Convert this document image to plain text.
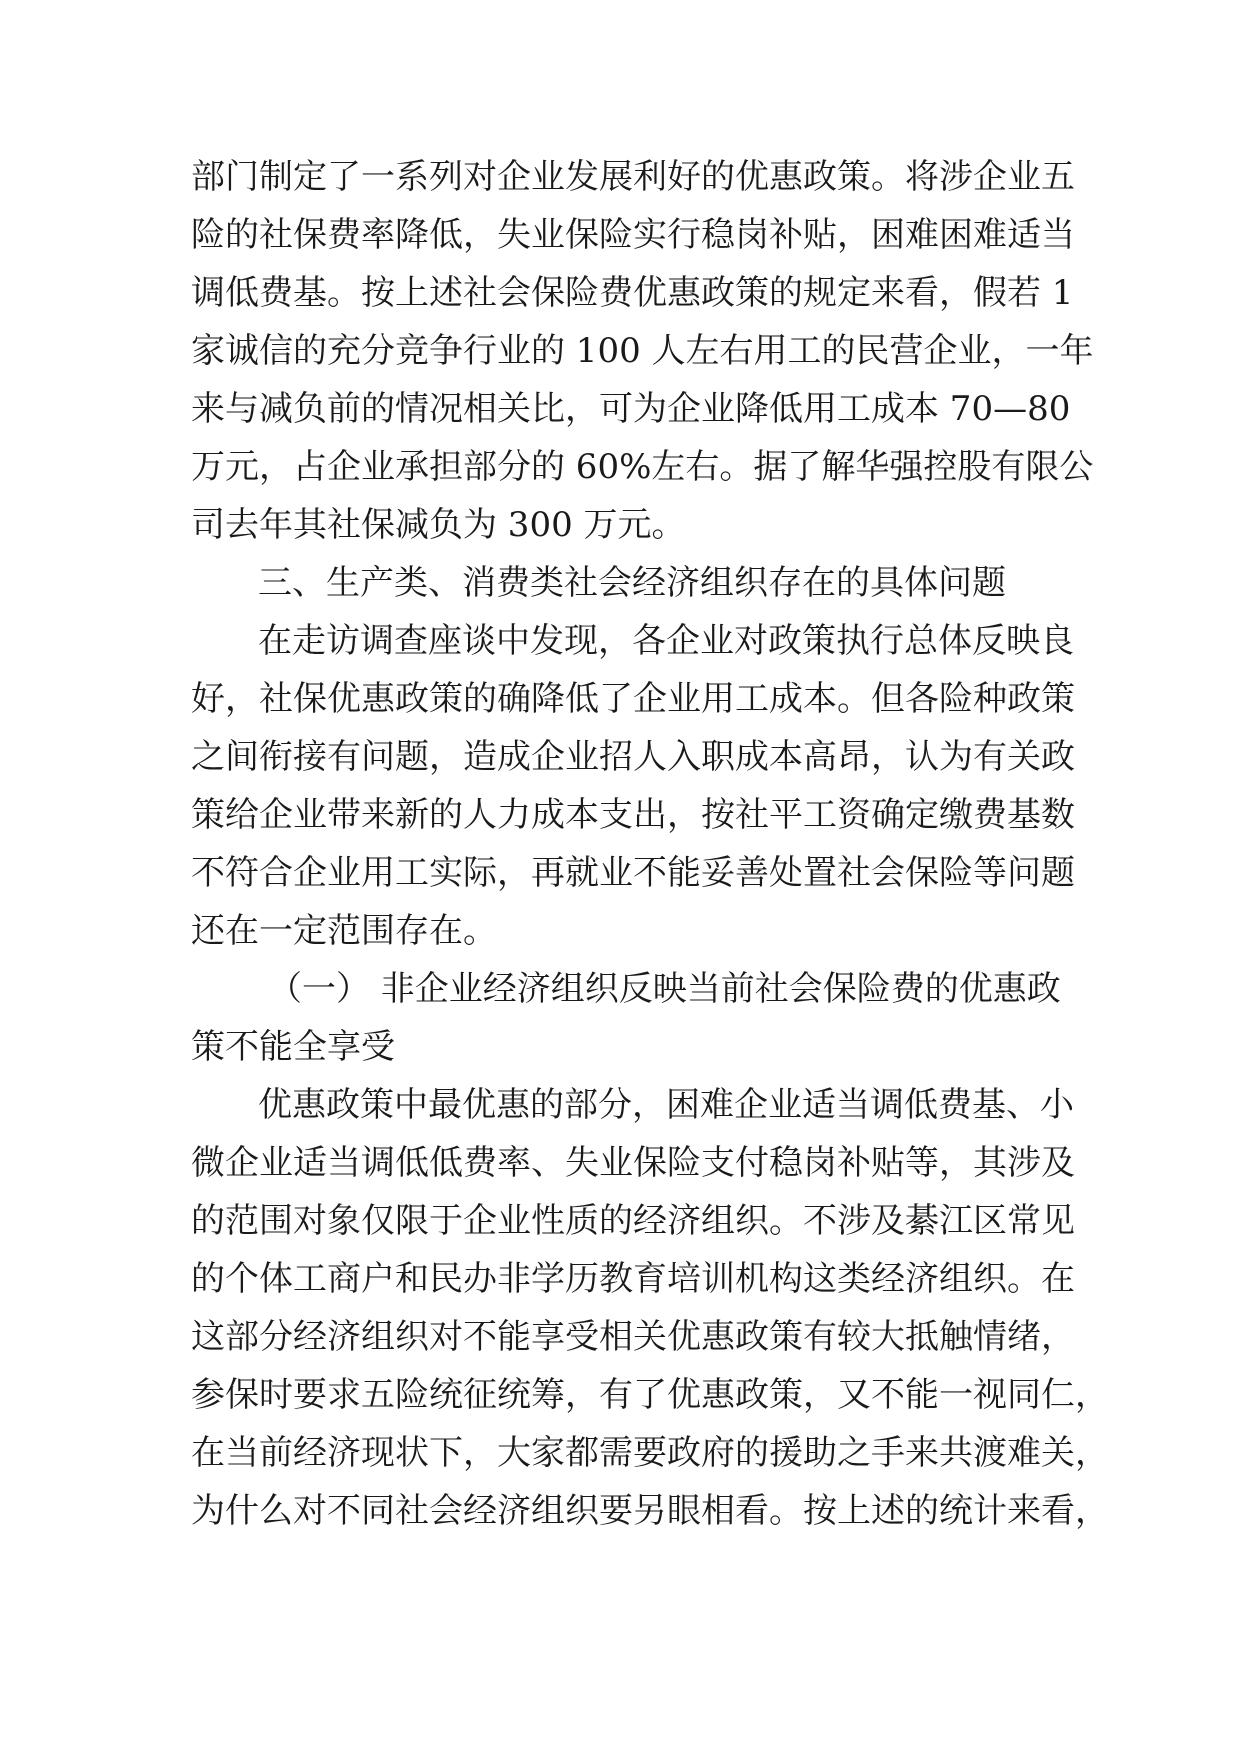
部门制定了一系列对企业发展利好的优惠政策。将涉企业五
险的社保费率降低，失业保险实行稳岗补贴，困难困难适当
调低费基。按上述社会保险费优惠政策的规定来看，假若 1
家诚信的充分竞争行业的 100 人左右用工的民营企业，一年
来与减负前的情况相关比，可为企业降低用工成本 70—80
万元，占企业承担部分的 60%左右。据了解华强控股有限公
司去年其社保减负为 300 万元。
三、生产类、消费类社会经济组织存在的具体问题
在走访调查座谈中发现，各企业对政策执行总体反映良
好，社保优惠政策的确降低了企业用工成本。但各险种政策
之间衔接有问题，造成企业招人入职成本高昂，认为有关政
策给企业带来新的人力成本支出，按社平工资确定缴费基数
不符合企业用工实际，再就业不能妥善处置社会保险等问题
还在一定范围存在。
（一） 非企业经济组织反映当前社会保险费的优惠政
策不能全享受
优惠政策中最优惠的部分，困难企业适当调低费基、小
微企业适当调低低费率、失业保险支付稳岗补贴等，其涉及
的范围对象仅限于企业性质的经济组织。不涉及綦江区常见
的个体工商户和民办非学历教育培训机构这类经济组织。在
这部分经济组织对不能享受相关优惠政策有较大抵触情绪，
参保时要求五险统征统筹，有了优惠政策，又不能一视同仁，
在当前经济现状下，大家都需要政府的援助之手来共渡难关，
为什么对不同社会经济组织要另眼相看。按上述的统计来看，
